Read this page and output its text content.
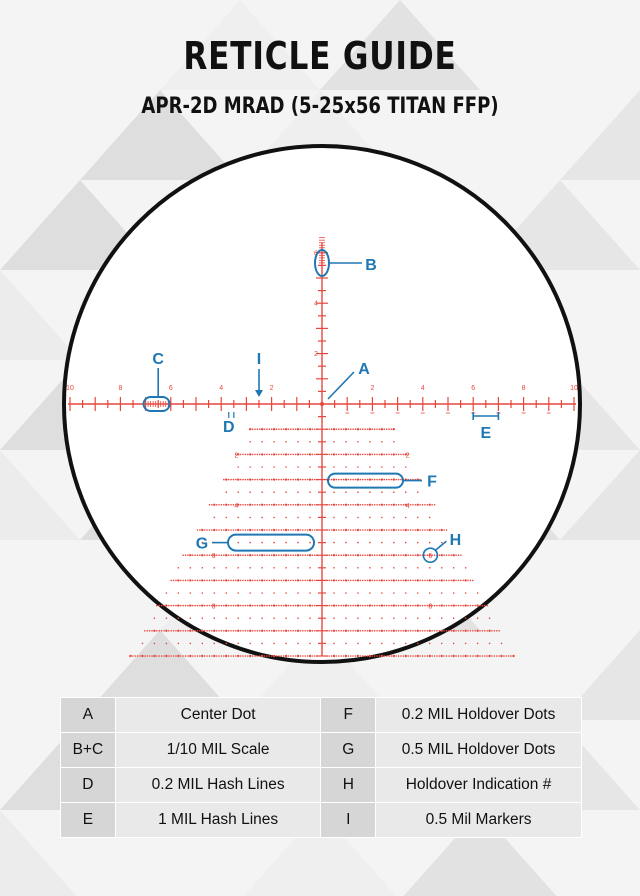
RETICLE GUIDE
APR-2D MRAD (5-25x56 TITAN FFP)
10	8	6	4	2	2	4	6	8	10
6
4
2
2	2
4	4
6	6
8	8
A
B
C
D	E
F
G	H
I
A	Center Dot	F	0.2 MIL Holdover Dots
B+C	1/10 MIL Scale	G	0.5 MIL Holdover Dots
D	0.2 MIL Hash Lines	H	Holdover Indication #
E	1 MIL Hash Lines	I	0.5 Mil Markers
